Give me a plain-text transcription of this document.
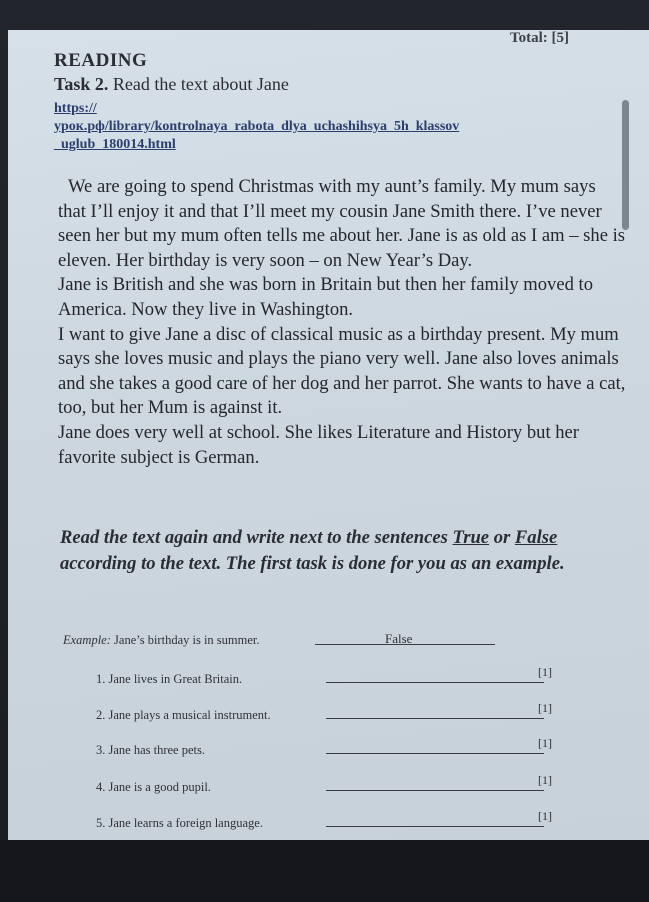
Total: [5]
READING
Task 2. Read the text about Jane
https://
урок.рф/library/kontrolnaya_rabota_dlya_uchashihsya_5h_klassov
_uglub_180014.html

We are going to spend Christmas with my aunt’s family. My mum says that I’ll enjoy it and that I’ll meet my cousin Jane Smith there. I’ve never seen her but my mum often tells me about her. Jane is as old as I am – she is eleven. Her birthday is very soon – on New Year’s Day.

Jane is British and she was born in Britain but then her family moved to America. Now they live in Washington.

I want to give Jane a disc of classical music as a birthday present. My mum says she loves music and plays the piano very well. Jane also loves animals and she takes a good care of her dog and her parrot. She wants to have a cat, too, but her Mum is against it.

Jane does very well at school. She likes Literature and History but her favorite subject is German.

Read the text again and write next to the sentences True or False according to the text. The first task is done for you as an example.
Example: Jane’s birthday is in summer.	False
1. Jane lives in Great Britain.	[1]
2. Jane plays a musical instrument.	[1]
3. Jane has three pets.	[1]
4. Jane is a good pupil.	[1]
5. Jane learns a foreign language.	[1]
